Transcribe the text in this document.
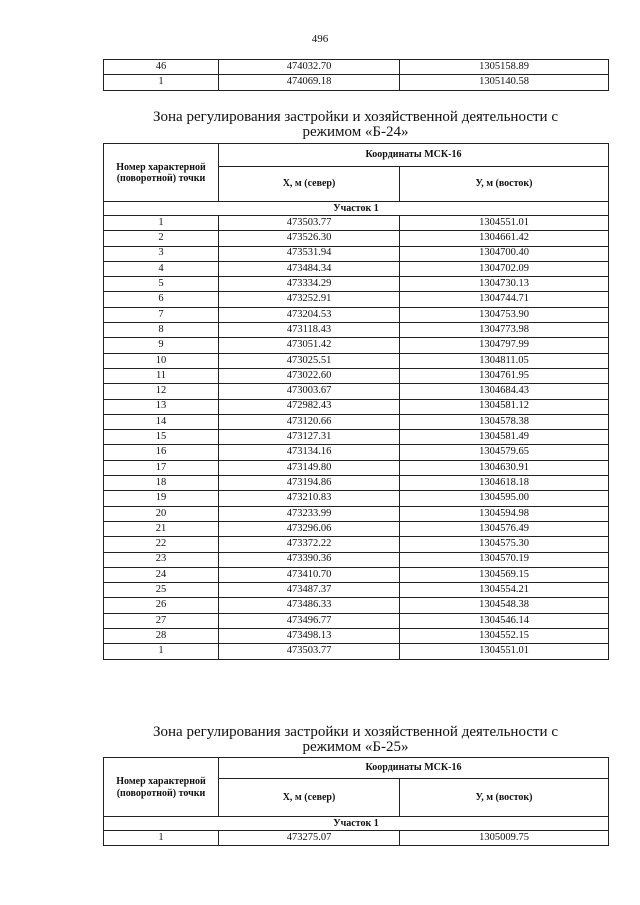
496
46	474032.70	1305158.89
1	474069.18	1305140.58
Зона регулирования застройки и хозяйственной деятельности с
режимом «Б-24»
Номер характерной (поворотной) точки	Координаты МСК-16	
	X, м (север)	У, м (восток)
Участок 1		
1	473503.77	1304551.01
2	473526.30	1304661.42
3	473531.94	1304700.40
4	473484.34	1304702.09
5	473334.29	1304730.13
6	473252.91	1304744.71
7	473204.53	1304753.90
8	473118.43	1304773.98
9	473051.42	1304797.99
10	473025.51	1304811.05
11	473022.60	1304761.95
12	473003.67	1304684.43
13	472982.43	1304581.12
14	473120.66	1304578.38
15	473127.31	1304581.49
16	473134.16	1304579.65
17	473149.80	1304630.91
18	473194.86	1304618.18
19	473210.83	1304595.00
20	473233.99	1304594.98
21	473296.06	1304576.49
22	473372.22	1304575.30
23	473390.36	1304570.19
24	473410.70	1304569.15
25	473487.37	1304554.21
26	473486.33	1304548.38
27	473496.77	1304546.14
28	473498.13	1304552.15
1	473503.77	1304551.01
Зона регулирования застройки и хозяйственной деятельности с
режимом «Б-25»
Номер характерной (поворотной) точки	Координаты МСК-16	
	X, м (север)	У, м (восток)
Участок 1		
1	473275.07	1305009.75
